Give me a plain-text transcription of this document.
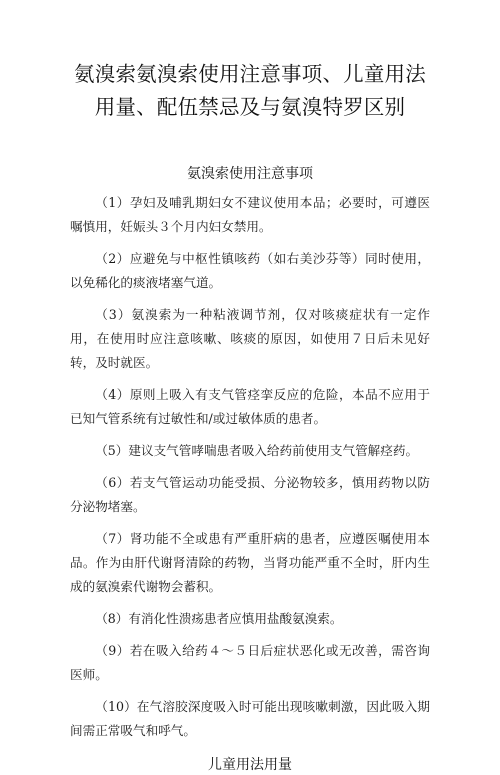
氨溴索氨溴索使用注意事项、儿童用法用量、配伍禁忌及与氨溴特罗区别
氨溴索使用注意事项

（1）孕妇及哺乳期妇女不建议使用本品；必要时，可遵医嘱慎用，妊娠头３个月内妇女禁用。

（2）应避免与中枢性镇咳药（如右美沙芬等）同时使用，以免稀化的痰液堵塞气道。

（3）氨溴索为一种粘液调节剂，仅对咳痰症状有一定作用，在使用时应注意咳嗽、咳痰的原因，如使用７日后未见好转，及时就医。

（4）原则上吸入有支气管痉挛反应的危险，本品不应用于已知气管系统有过敏性和/或过敏体质的患者。

（5）建议支气管哮喘患者吸入给药前使用支气管解痉药。

（6）若支气管运动功能受损、分泌物较多，慎用药物以防分泌物堵塞。

（7）肾功能不全或患有严重肝病的患者，应遵医嘱使用本品。作为由肝代谢肾清除的药物，当肾功能严重不全时，肝内生成的氨溴索代谢物会蓄积。

（8）有消化性溃疡患者应慎用盐酸氨溴索。

（9）若在吸入给药４～５日后症状恶化或无改善，需咨询医师。

（10）在气溶胶深度吸入时可能出现咳嗽刺激，因此吸入期间需正常吸气和呼气。

儿童用法用量
